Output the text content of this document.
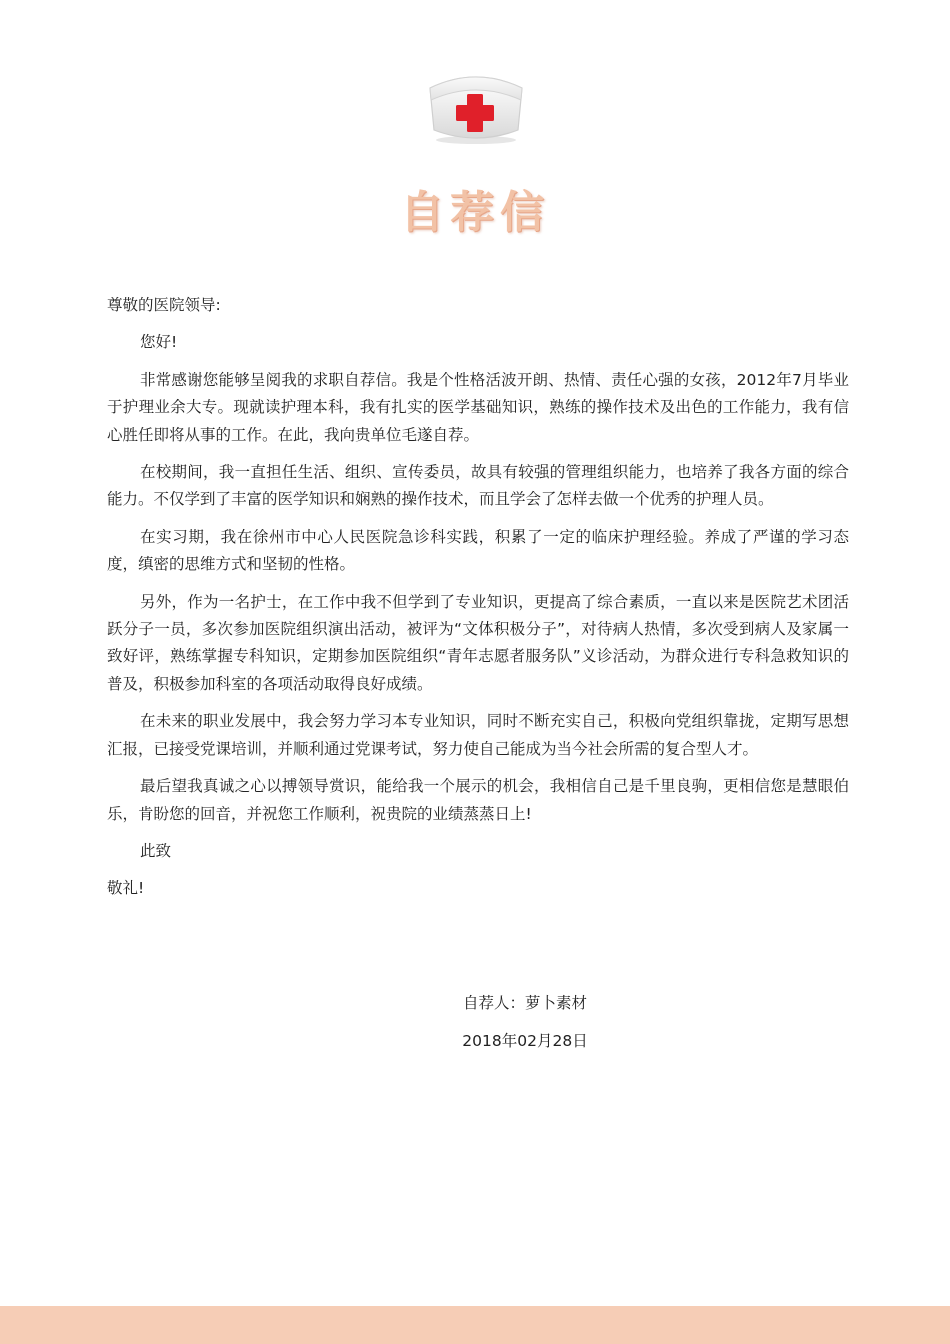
自荐信

尊敬的医院领导:

您好!

非常感谢您能够呈阅我的求职自荐信。我是个性格活波开朗、热情、责任心强的女孩，2012年7月毕业于护理业余大专。现就读护理本科，我有扎实的医学基础知识，熟练的操作技术及出色的工作能力，我有信心胜任即将从事的工作。在此，我向贵单位毛遂自荐。

在校期间，我一直担任生活、组织、宣传委员，故具有较强的管理组织能力，也培养了我各方面的综合能力。不仅学到了丰富的医学知识和娴熟的操作技术，而且学会了怎样去做一个优秀的护理人员。

在实习期，我在徐州市中心人民医院急诊科实践，积累了一定的临床护理经验。养成了严谨的学习态度，缜密的思维方式和坚韧的性格。

另外，作为一名护士，在工作中我不但学到了专业知识，更提高了综合素质，一直以来是医院艺术团活跃分子一员，多次参加医院组织演出活动，被评为“文体积极分子”，对待病人热情，多次受到病人及家属一致好评，熟练掌握专科知识，定期参加医院组织“青年志愿者服务队”义诊活动，为群众进行专科急救知识的普及，积极参加科室的各项活动取得良好成绩。

在未来的职业发展中，我会努力学习本专业知识，同时不断充实自己，积极向党组织靠拢，定期写思想汇报，已接受党课培训，并顺利通过党课考试，努力使自己能成为当今社会所需的复合型人才。

最后望我真诚之心以搏领导赏识，能给我一个展示的机会，我相信自己是千里良驹，更相信您是慧眼伯乐，肯盼您的回音，并祝您工作顺利，祝贵院的业绩蒸蒸日上!

此致

敬礼!

自荐人：萝卜素材
2018年02月28日
